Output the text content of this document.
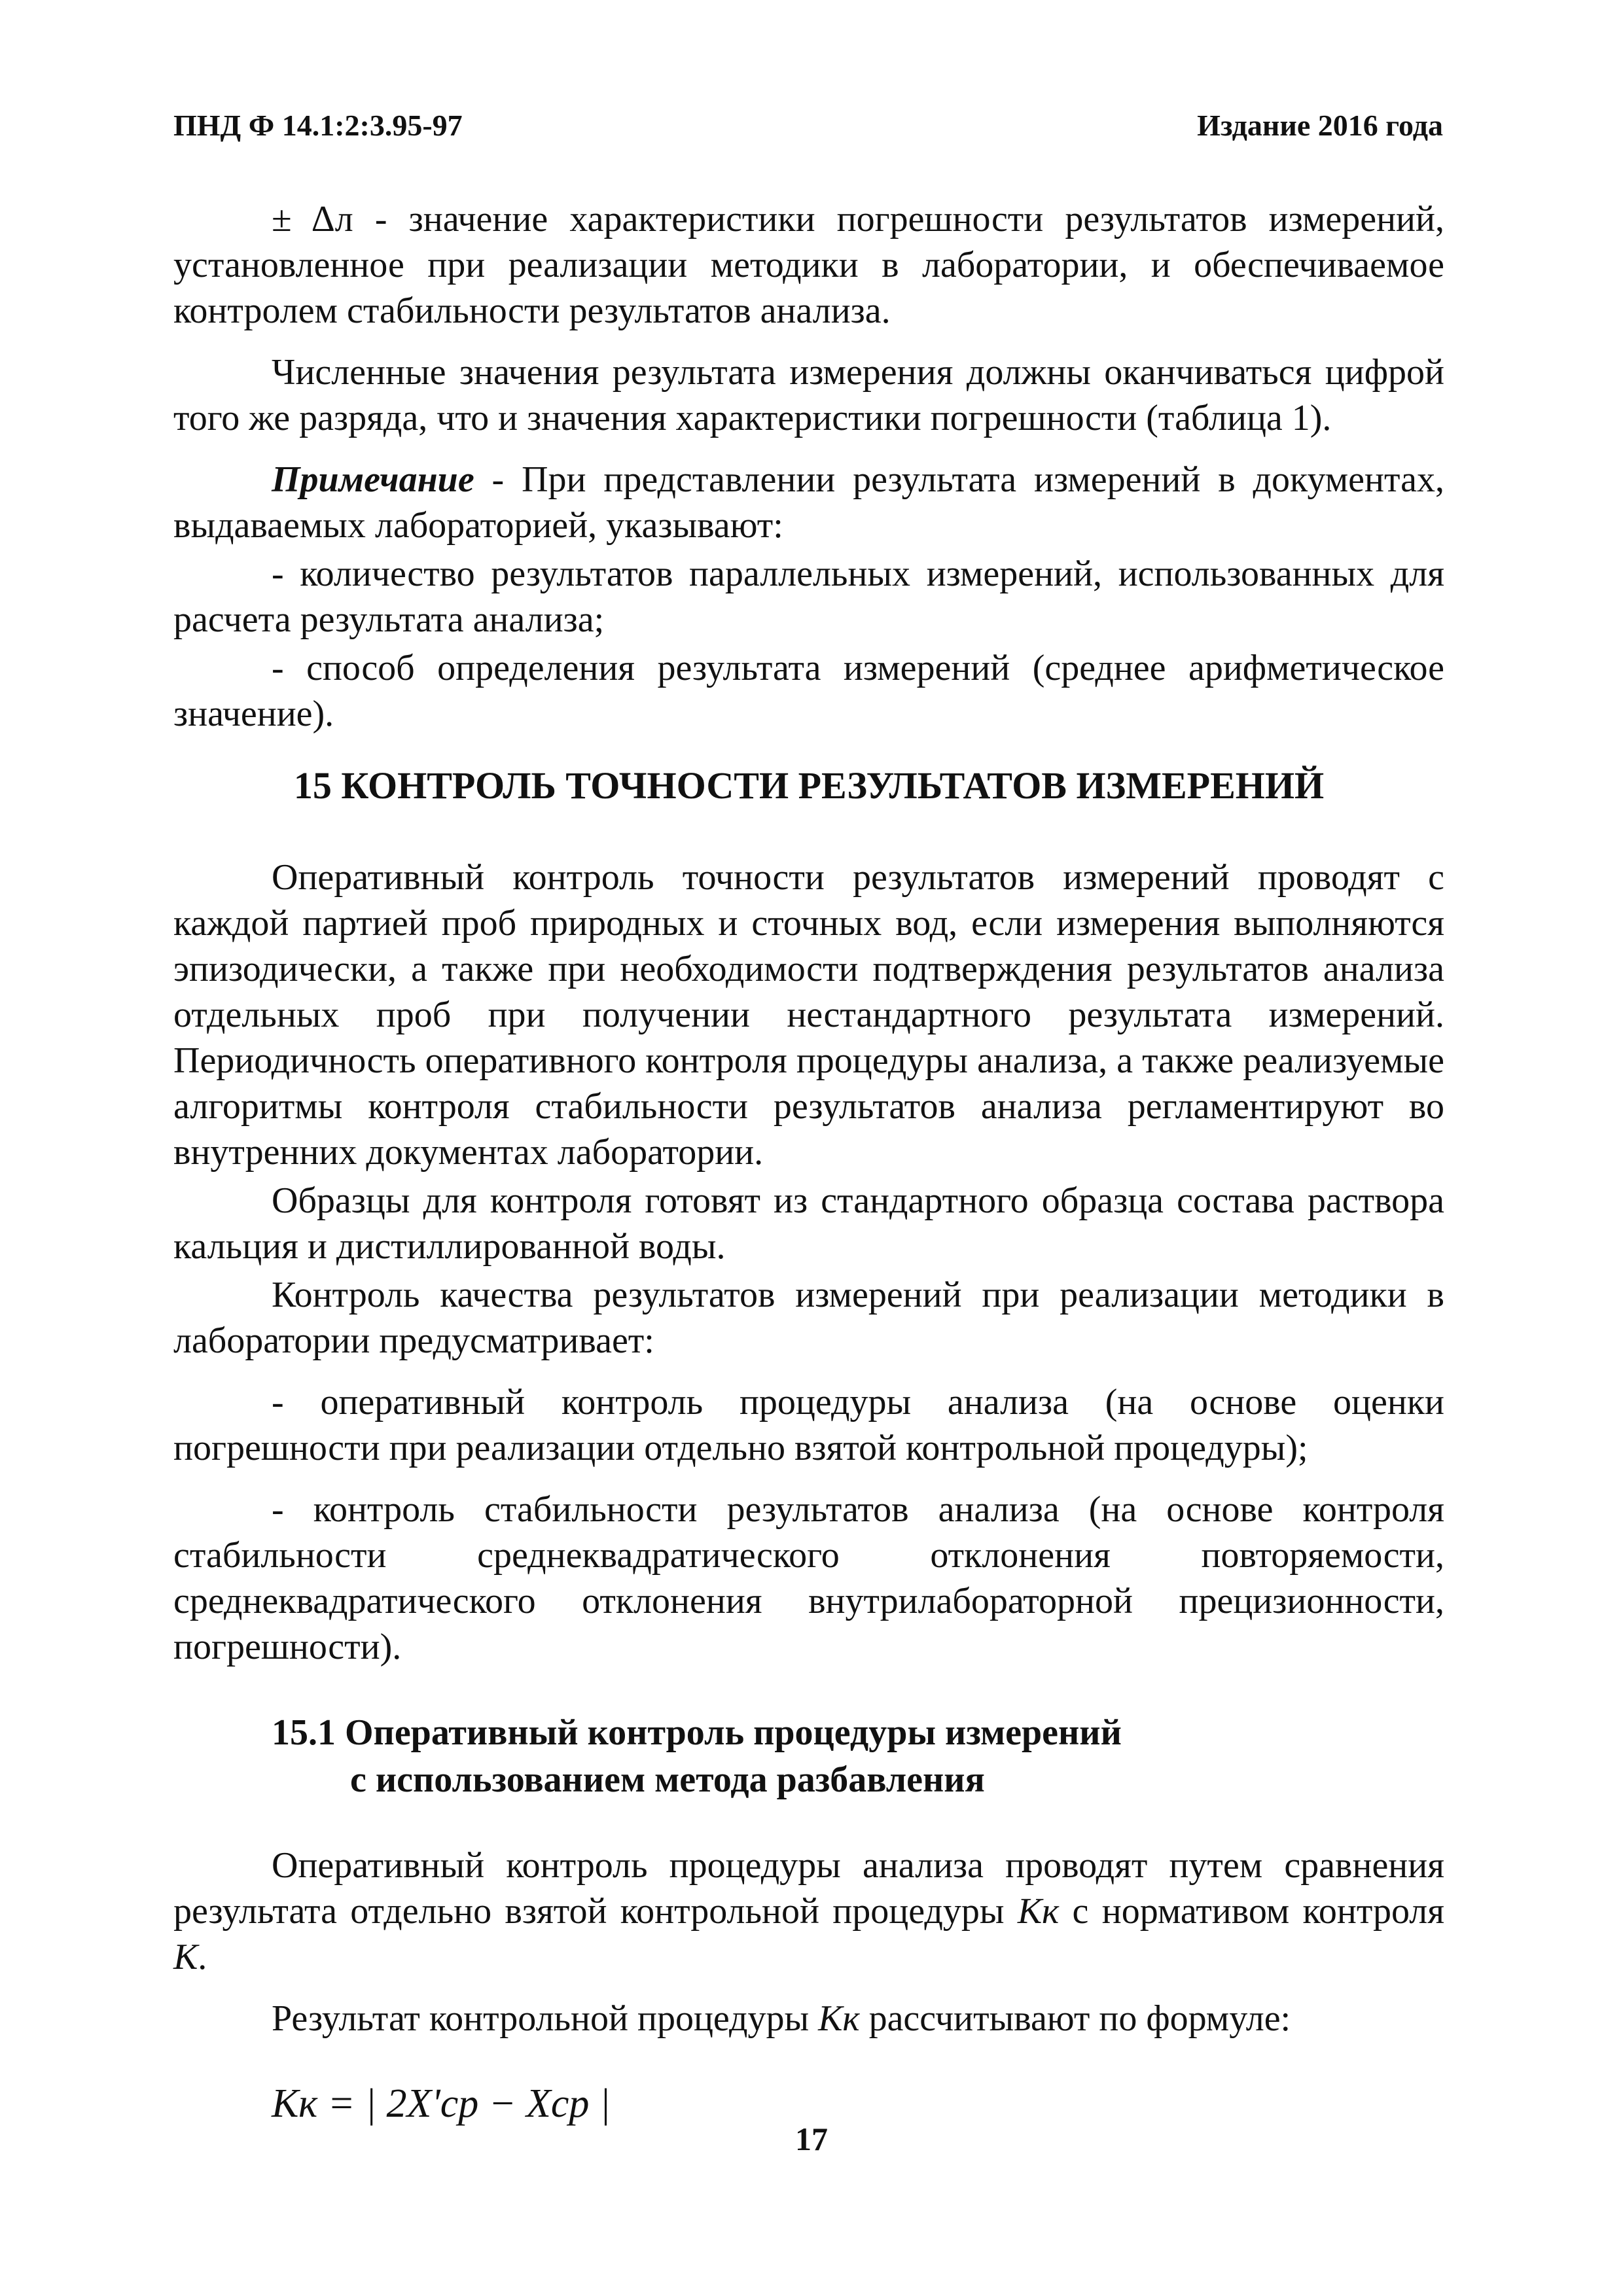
ПНД Ф 14.1:2:3.95-97	Издание 2016 года

± Δл - значение характеристики погрешности результатов измерений, установленное при реализации методики в лаборатории, и обеспечиваемое контролем стабильности результатов анализа.

Численные значения результата измерения должны оканчиваться цифрой того же разряда, что и значения характеристики погрешности (таблица 1).

Примечание - При представлении результата измерений в документах, выдаваемых лабораторией, указывают:

- количество результатов параллельных измерений, использованных для расчета результата анализа;

- способ определения результата измерений (среднее арифметическое значение).

15 КОНТРОЛЬ ТОЧНОСТИ РЕЗУЛЬТАТОВ ИЗМЕРЕНИЙ

Оперативный контроль точности результатов измерений проводят с каждой партией проб природных и сточных вод, если измерения выполняются эпизодически, а также при необходимости подтверждения результатов анализа отдельных проб при получении нестандартного результата измерений. Периодичность оперативного контроля процедуры анализа, а также реализуемые алгоритмы контроля стабильности результатов анализа регламентируют во внутренних документах лаборатории.

Образцы для контроля готовят из стандартного образца состава раствора кальция и дистиллированной воды.

Контроль качества результатов измерений при реализации методики в лаборатории предусматривает:

- оперативный контроль процедуры анализа (на основе оценки погрешности при реализации отдельно взятой контрольной процедуры);

- контроль стабильности результатов анализа (на основе контроля стабильности среднеквадратического отклонения повторяемости, среднеквадратического отклонения внутрилабораторной прецизионности, погрешности).

15.1 Оперативный контроль процедуры измерений
с использованием метода разбавления

Оперативный контроль процедуры анализа проводят путем сравнения результата отдельно взятой контрольной процедуры Кк с нормативом контроля К.

Результат контрольной процедуры Кк рассчитывают по формуле:

Кк = | 2X'ср − Xср |
17
